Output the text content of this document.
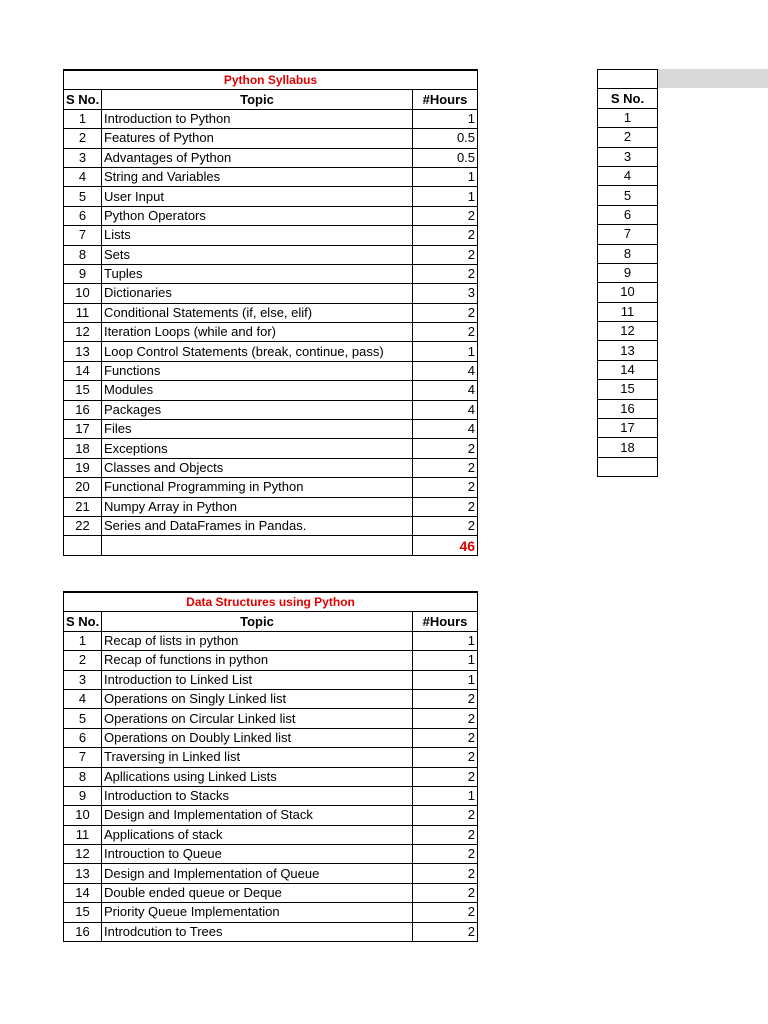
Python Syllabus		
S No.	Topic	#Hours
1	Introduction to Python	1
2	Features of Python	0.5
3	Advantages of Python	0.5
4	String and Variables	1
5	User Input	1
6	Python Operators	2
7	Lists	2
8	Sets	2
9	Tuples	2
10	Dictionaries	3
11	Conditional Statements (if, else, elif)	2
12	Iteration Loops (while and for)	2
13	Loop Control Statements (break, continue, pass)	1
14	Functions	4
15	Modules	4
16	Packages	4
17	Files	4
18	Exceptions	2
19	Classes and Objects	2
20	Functional Programming in Python	2
21	Numpy Array in Python	2
22	Series and DataFrames in Pandas.	2
		46
Data Structures using Python		
S No.	Topic	#Hours
1	Recap of lists in python	1
2	Recap of functions in python	1
3	Introduction to Linked List	1
4	Operations on Singly Linked list	2
5	Operations on Circular Linked list	2
6	Operations on Doubly Linked list	2
7	Traversing in Linked list	2
8	Apllications using Linked Lists	2
9	Introduction to Stacks	1
10	Design and Implementation of Stack	2
11	Applications of stack	2
12	Introuction to Queue	2
13	Design and Implementation of Queue	2
14	Double ended queue or Deque	2
15	Priority Queue Implementation	2
16	Introdcution to Trees	2

S No.
1
2
3
4
5
6
7
8
9
10
11
12
13
14
15
16
17
18
